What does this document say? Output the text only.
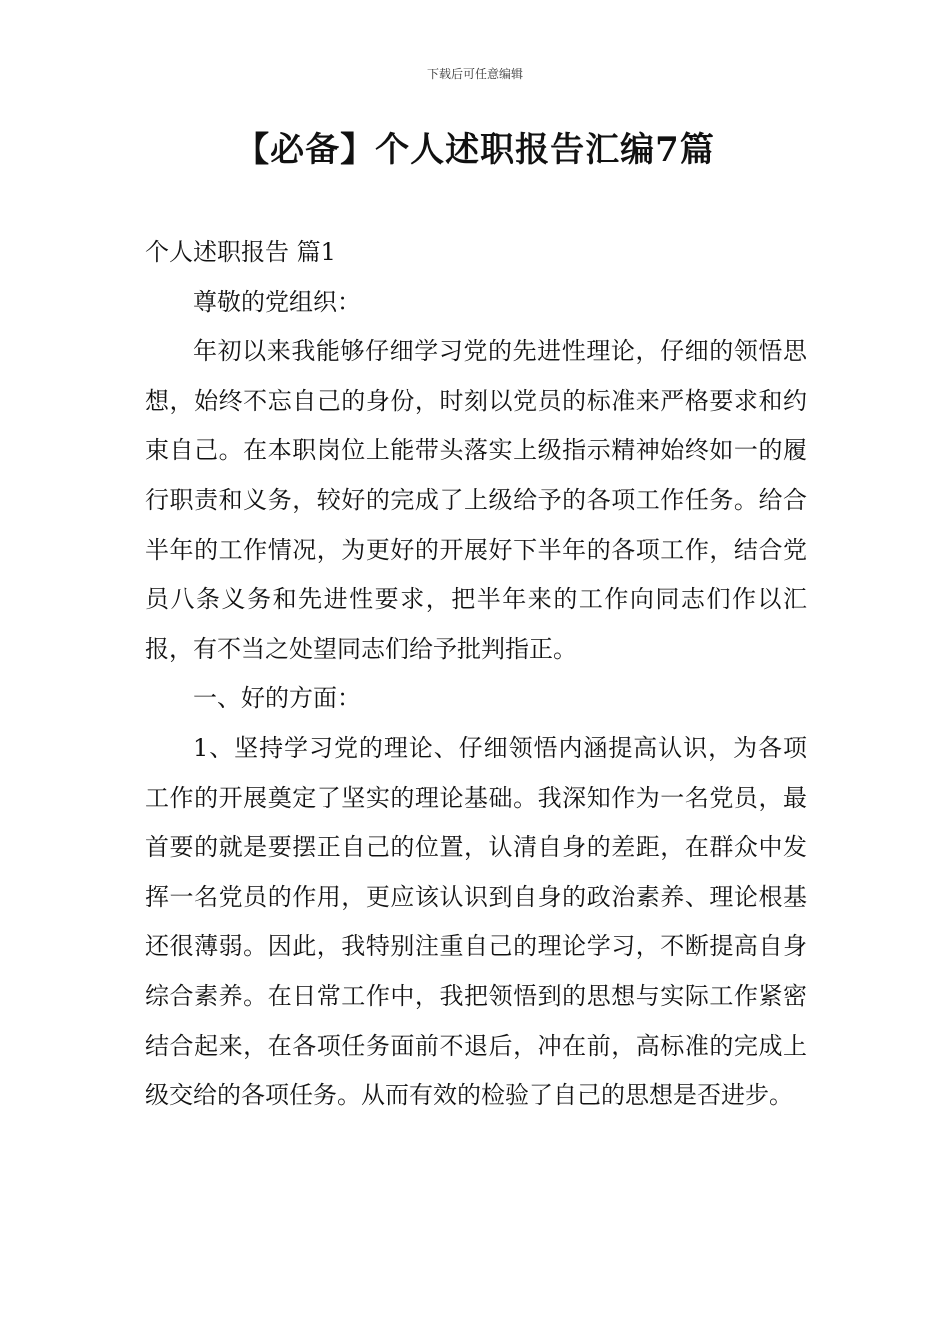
下载后可任意编辑
【必备】个人述职报告汇编7篇

个人述职报告 篇1

尊敬的党组织：

年初以来我能够仔细学习党的先进性理论，仔细的领悟思想，始终不忘自己的身份，时刻以党员的标准来严格要求和约束自己。在本职岗位上能带头落实上级指示精神始终如一的履行职责和义务，较好的完成了上级给予的各项工作任务。给合半年的工作情况，为更好的开展好下半年的各项工作，结合党员八条义务和先进性要求，把半年来的工作向同志们作以汇报，有不当之处望同志们给予批判指正。

一、好的方面：

1、坚持学习党的理论、仔细领悟内涵提高认识，为各项工作的开展奠定了坚实的理论基础。我深知作为一名党员，最首要的就是要摆正自己的位置，认清自身的差距，在群众中发挥一名党员的作用，更应该认识到自身的政治素养、理论根基还很薄弱。因此，我特别注重自己的理论学习，不断提高自身综合素养。在日常工作中，我把领悟到的思想与实际工作紧密结合起来，在各项任务面前不退后，冲在前，高标准的完成上级交给的各项任务。从而有效的检验了自己的思想是否进步。
